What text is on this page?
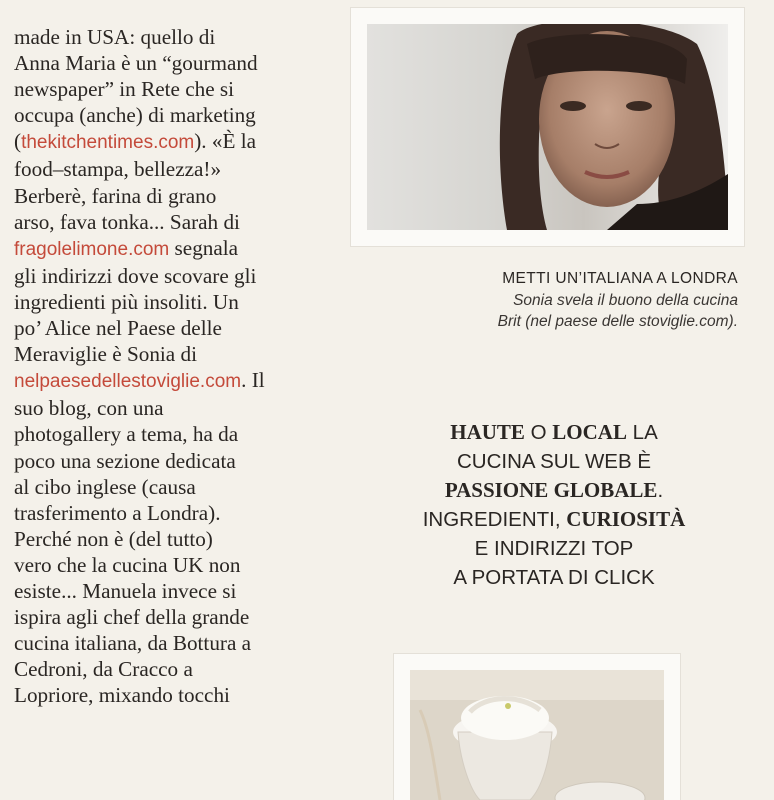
made in USA: quello di
Anna Maria è un “gourmand
newspaper” in Rete che si
occupa (anche) di marketing
(thekitchentimes.com). «È la
food–stampa, bellezza!»
Berberè, farina di grano
arso, fava tonka... Sarah di
fragolelimone.com segnala
gli indirizzi dove scovare gli
ingredienti più insoliti. Un
po’ Alice nel Paese delle
Meraviglie è Sonia di
nelpaesedellestoviglie.com. Il
suo blog, con una
photogallery a tema, ha da
poco una sezione dedicata
al cibo inglese (causa
trasferimento a Londra).
Perché non è (del tutto)
vero che la cucina UK non
esiste... Manuela invece si
ispira agli chef della grande
cucina italiana, da Bottura a
Cedroni, da Cracco a
Lopriore, mixando tocchi
METTI UN’ITALIANA A LONDRA
Sonia svela il buono della cucina
Brit (nel paese delle stoviglie.com).
HAUTE O LOCAL LA
CUCINA SUL WEB È
PASSIONE GLOBALE.
INGREDIENTI, CURIOSITÀ
E INDIRIZZI TOP
A PORTATA DI CLICK
